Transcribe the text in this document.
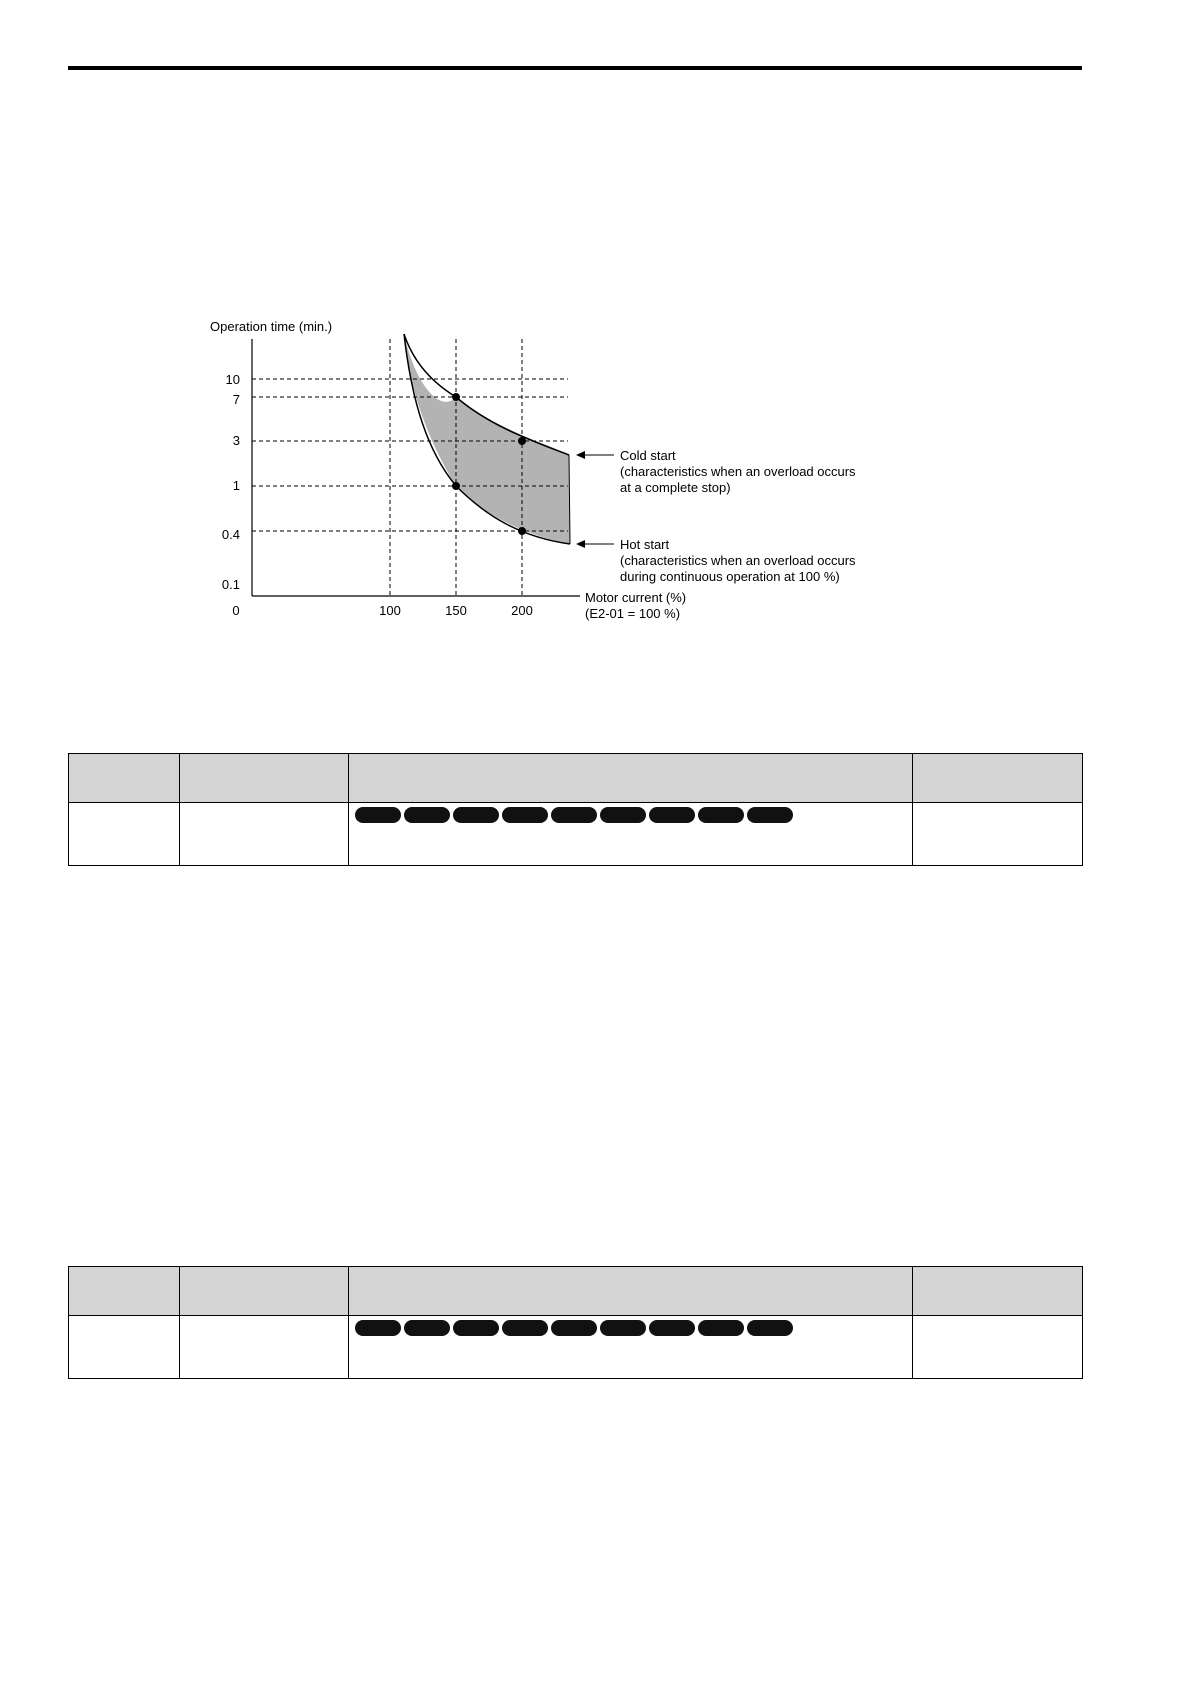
Operation time (min.)
10
7
3
1
0.4
0.1
0	100	150	200
Motor current (%)
(E2-01 = 100 %)
Cold start
(characteristics when an overload occurs
at a complete stop)
Hot start
(characteristics when an overload occurs
during continuous operation at 100 %)
